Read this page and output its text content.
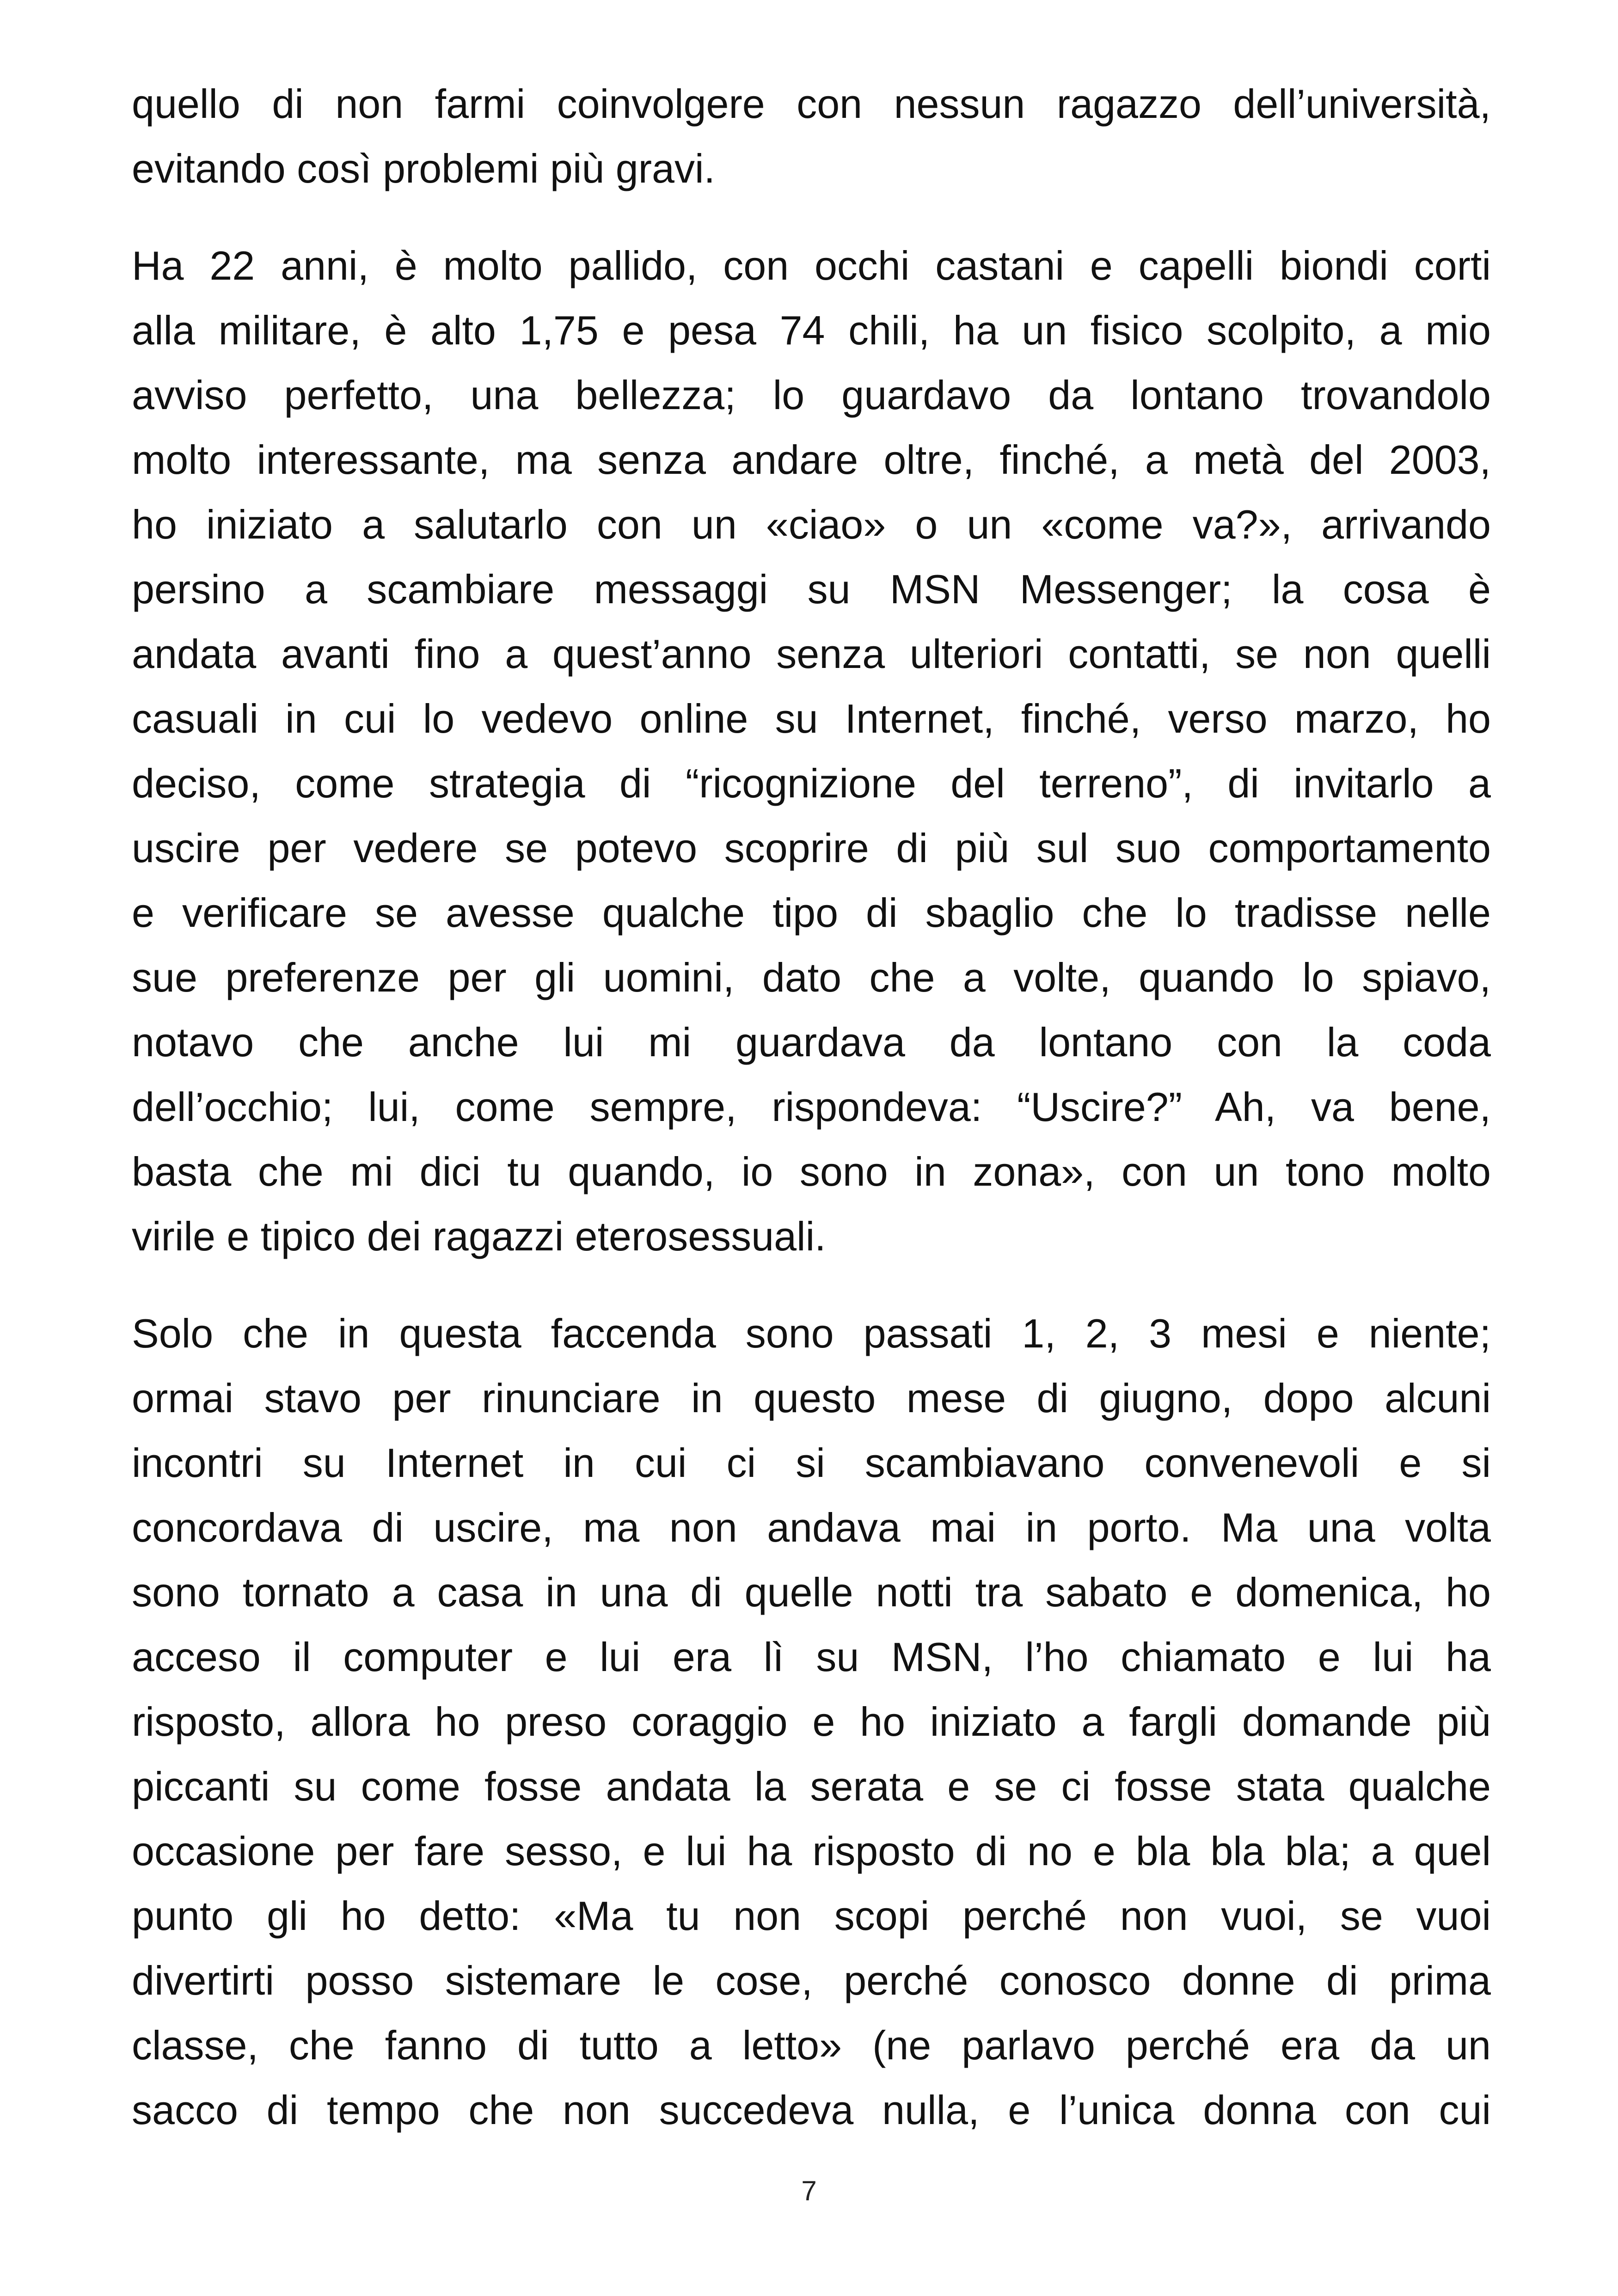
quello di non farmi coinvolgere con nessun ragazzo dell’università,
evitando così problemi più gravi.
Ha 22 anni, è molto pallido, con occhi castani e capelli biondi corti
alla militare, è alto 1,75 e pesa 74 chili, ha un fisico scolpito, a mio
avviso perfetto, una bellezza; lo guardavo da lontano trovandolo
molto interessante, ma senza andare oltre, finché, a metà del 2003,
ho iniziato a salutarlo con un «ciao» o un «come va?», arrivando
persino a scambiare messaggi su MSN Messenger; la cosa è
andata avanti fino a quest’anno senza ulteriori contatti, se non quelli
casuali in cui lo vedevo online su Internet, finché, verso marzo, ho
deciso, come strategia di “ricognizione del terreno”, di invitarlo a
uscire per vedere se potevo scoprire di più sul suo comportamento
e verificare se avesse qualche tipo di sbaglio che lo tradisse nelle
sue preferenze per gli uomini, dato che a volte, quando lo spiavo,
notavo che anche lui mi guardava da lontano con la coda
dell’occhio; lui, come sempre, rispondeva: “Uscire?” Ah, va bene,
basta che mi dici tu quando, io sono in zona», con un tono molto
virile e tipico dei ragazzi eterosessuali.
Solo che in questa faccenda sono passati 1, 2, 3 mesi e niente;
ormai stavo per rinunciare in questo mese di giugno, dopo alcuni
incontri su Internet in cui ci si scambiavano convenevoli e si
concordava di uscire, ma non andava mai in porto. Ma una volta
sono tornato a casa in una di quelle notti tra sabato e domenica, ho
acceso il computer e lui era lì su MSN, l’ho chiamato e lui ha
risposto, allora ho preso coraggio e ho iniziato a fargli domande più
piccanti su come fosse andata la serata e se ci fosse stata qualche
occasione per fare sesso, e lui ha risposto di no e bla bla bla; a quel
punto gli ho detto: «Ma tu non scopi perché non vuoi, se vuoi
divertirti posso sistemare le cose, perché conosco donne di prima
classe, che fanno di tutto a letto» (ne parlavo perché era da un
sacco di tempo che non succedeva nulla, e l’unica donna con cui
7
